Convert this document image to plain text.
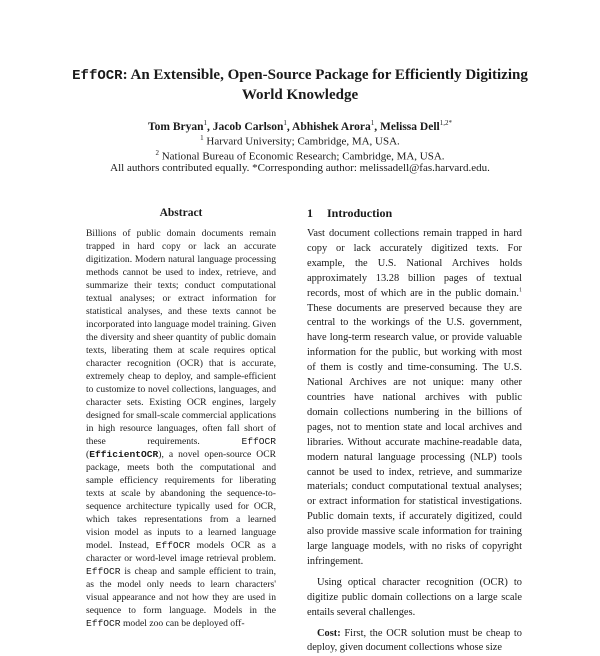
EffOCR: An Extensible, Open-Source Package for Efficiently Digitizing World Knowledge
Tom Bryan$^1$, Jacob Carlson$^1$, Abhishek Arora$^1$, Melissa Dell$^{1,2*}$
$^1$ Harvard University; Cambridge, MA, USA.
$^2$ National Bureau of Economic Research; Cambridge, MA, USA.
All authors contributed equally. *Corresponding author: melissadell@fas.harvard.edu.
Abstract

Billions of public domain documents remain trapped in hard copy or lack an accurate digitization. Modern natural language processing methods cannot be used to index, retrieve, and summarize their texts; conduct computational textual analyses; or extract information for statistical analyses, and these texts cannot be incorporated into language model training. Given the diversity and sheer quantity of public domain texts, liberating them at scale requires optical character recognition (OCR) that is accurate, extremely cheap to deploy, and sample-efficient to customize to novel collections, languages, and character sets. Existing OCR engines, largely designed for small-scale commercial applications in high resource languages, often fall short of these requirements.	EffOCR (EfficientOCR), a novel open-source OCR package, meets both the computational and sample efficiency requirements for liberating texts at scale by abandoning the sequence-to-sequence architecture typically used for OCR, which takes representations from a learned vision model as inputs to a learned language model. Instead, EffOCR models OCR as a character or word-level image retrieval problem. EffOCR is cheap and sample efficient to train, as the model only needs to learn characters' visual appearance and not how they are used in sequence to form language. Models in the EffOCR model zoo can be deployed off-

1 Introduction

Vast document collections remain trapped in hard copy or lack accurately digitized texts. For example, the U.S. National Archives holds approximately 13.28 billion pages of textual records, most of which are in the public domain.$^1$ These documents are preserved because they are central to the workings of the U.S. government, have long-term research value, or provide valuable information for the public, but working with most of them is costly and time-consuming. The U.S. National Archives are not unique: many other countries have national archives with public domain collections numbering in the billions of pages, not to mention state and local archives and libraries. Without accurate machine-readable data, modern natural language processing (NLP) tools cannot be used to index, retrieve, and summarize materials; conduct computational textual analyses; or extract information for statistical investigations. Public domain texts, if accurately digitized, could also provide massive scale information for training large language models, with no risks of copyright infringement.

Using optical character recognition (OCR) to digitize public domain collections on a large scale entails several challenges.

Cost: First, the OCR solution must be cheap to deploy, given document collections whose size
